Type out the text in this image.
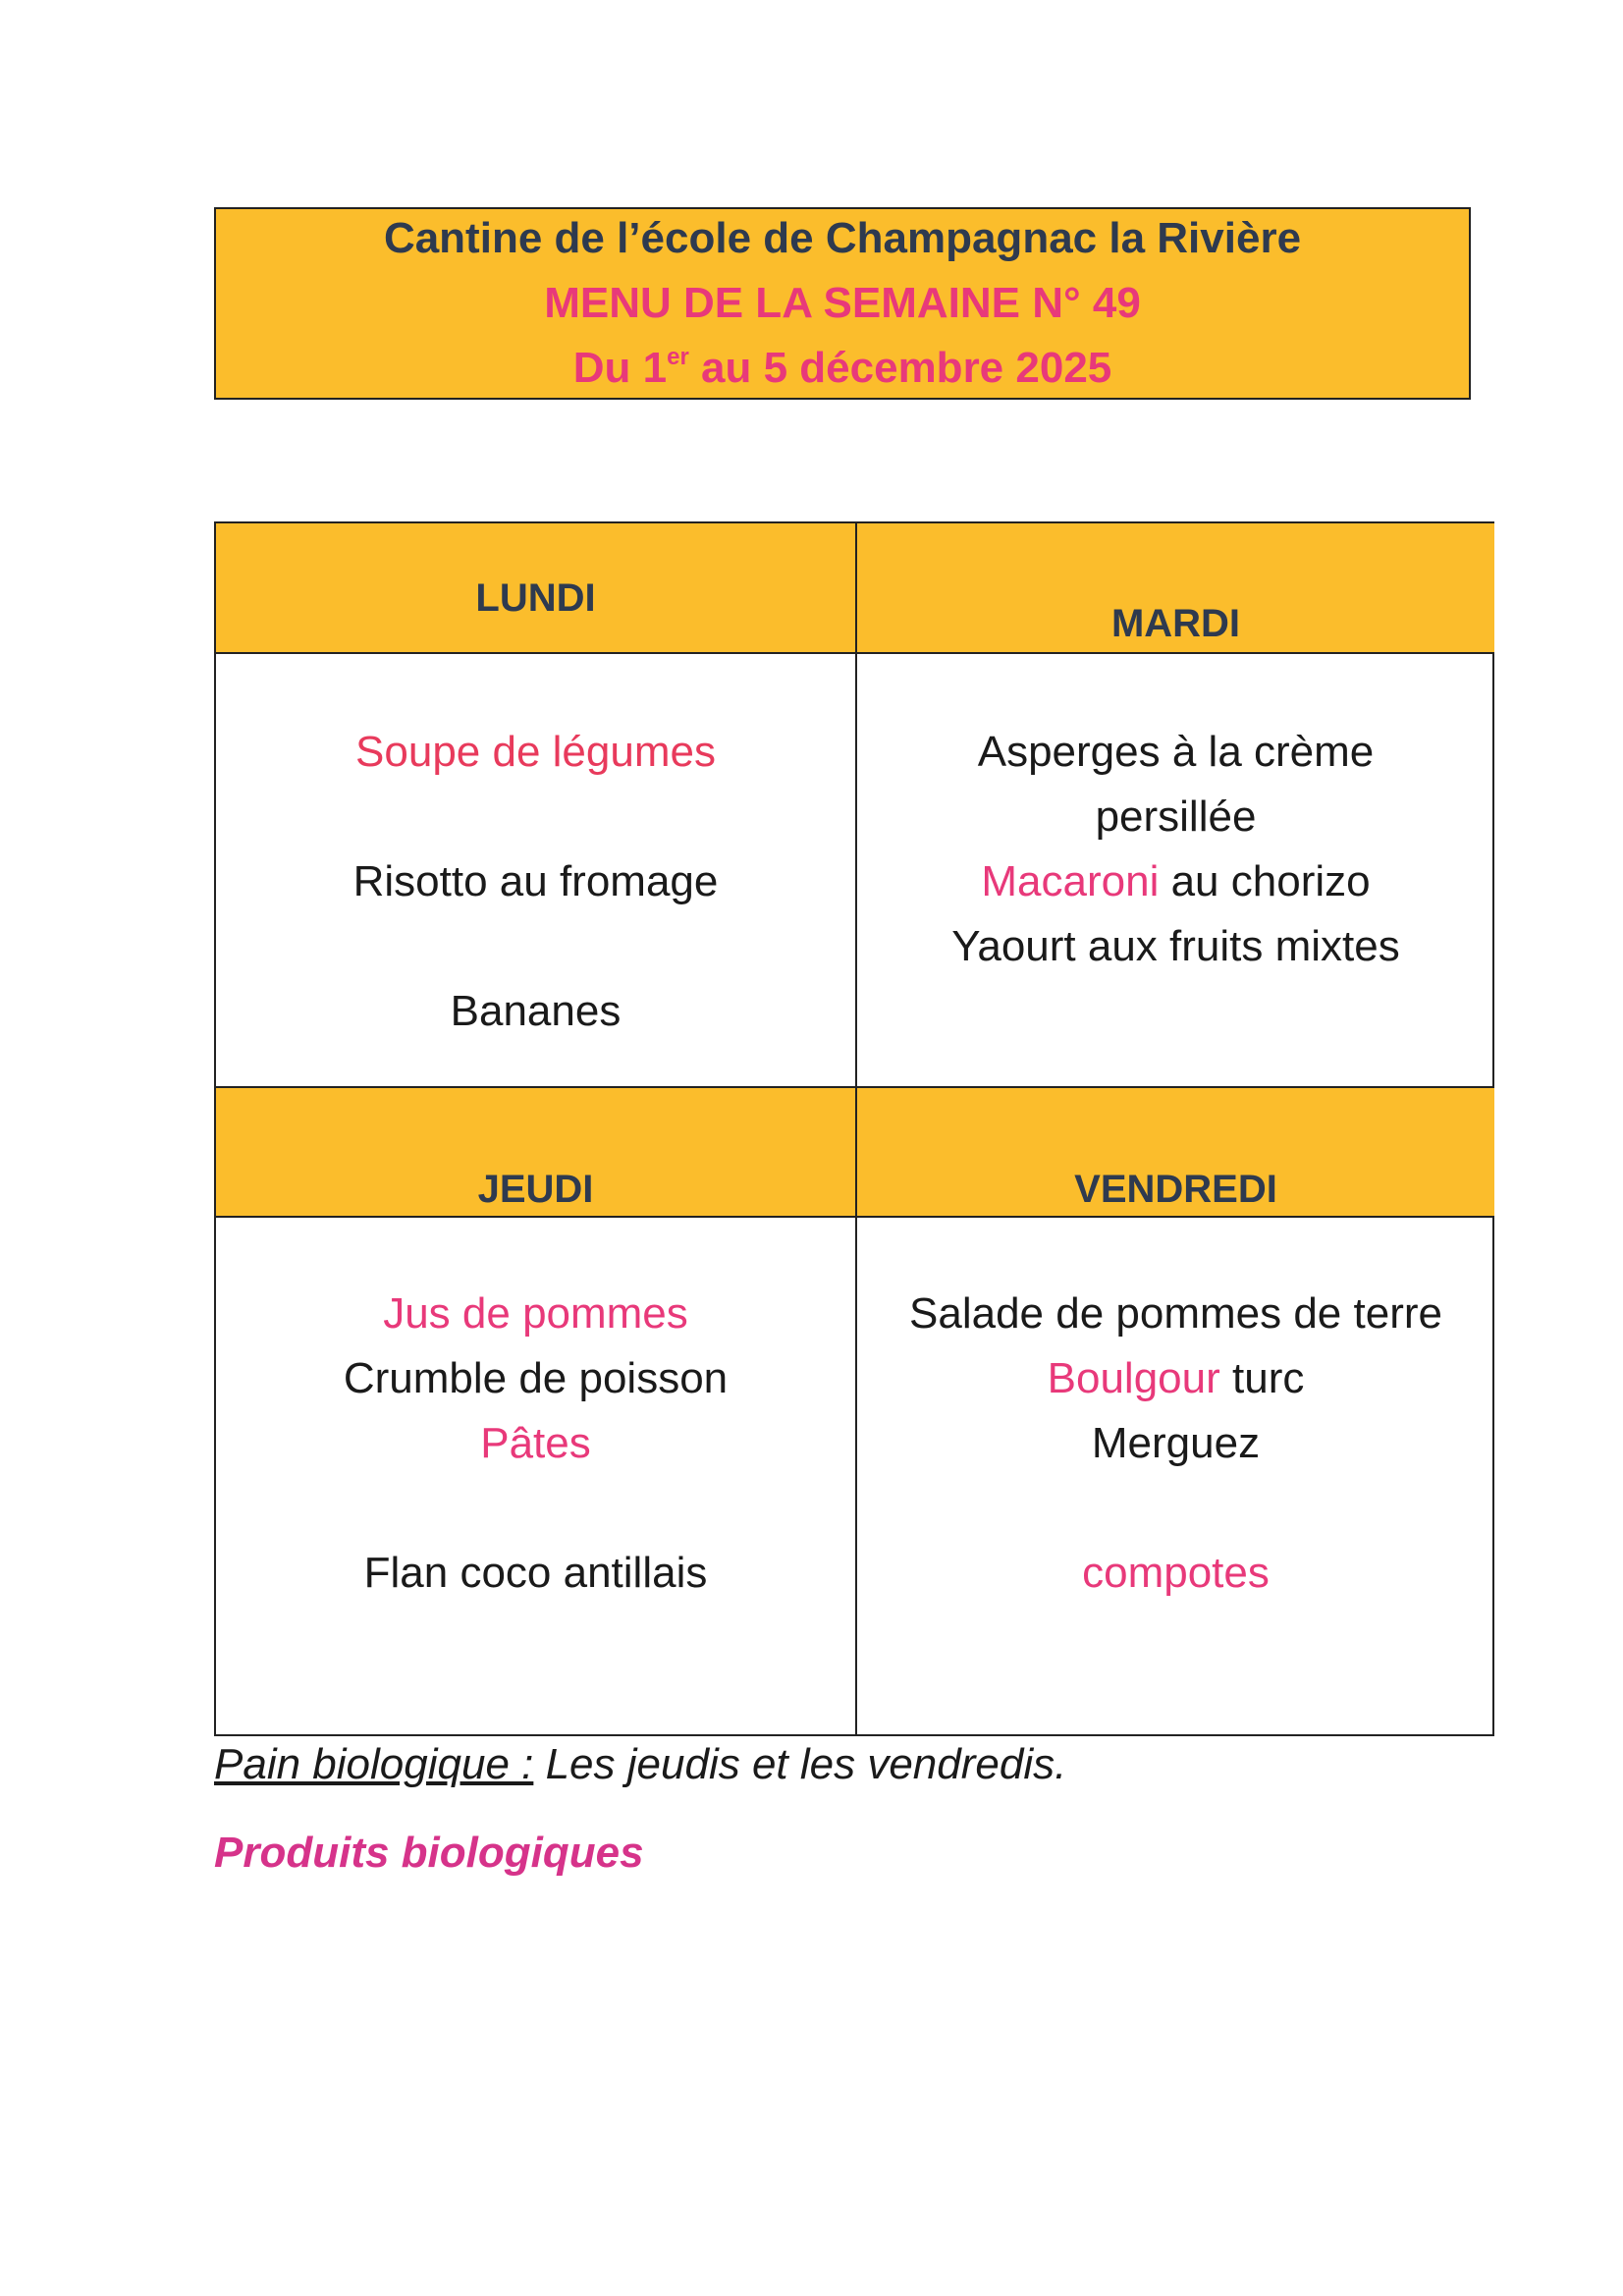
Cantine de l’école de Champagnac la Rivière
MENU DE LA SEMAINE N° 49
Du 1er au 5 décembre 2025
LUNDI
MARDI
JEUDI	VENDREDI
Soupe de légumes
Risotto au fromage
Bananes
Asperges à la crème
persillée
Macaroni au chorizo
Yaourt aux fruits mixtes
Jus de pommes
Crumble de poisson
Pâtes
Flan coco antillais
Salade de pommes de terre
Boulgour turc
Merguez
compotes
Pain biologique : Les jeudis et les vendredis.
Produits biologiques
